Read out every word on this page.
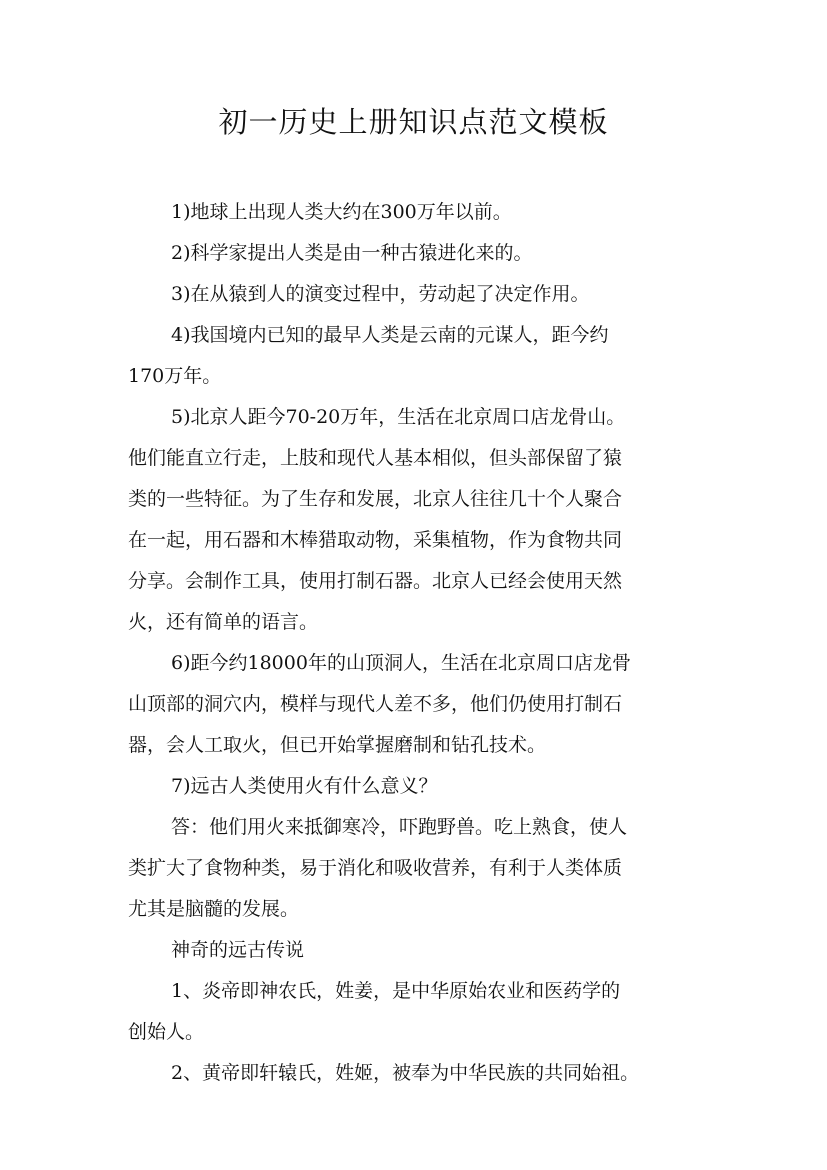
初一历史上册知识点范文模板
1)地球上出现人类大约在300万年以前。
2)科学家提出人类是由一种古猿进化来的。
3)在从猿到人的演变过程中，劳动起了决定作用。
4)我国境内已知的最早人类是云南的元谋人，距今约
170万年。
5)北京人距今70-20万年，生活在北京周口店龙骨山。
他们能直立行走，上肢和现代人基本相似，但头部保留了猿
类的一些特征。为了生存和发展，北京人往往几十个人聚合
在一起，用石器和木棒猎取动物，采集植物，作为食物共同
分享。会制作工具，使用打制石器。北京人已经会使用天然
火，还有简单的语言。
6)距今约18000年的山顶洞人，生活在北京周口店龙骨
山顶部的洞穴内，模样与现代人差不多，他们仍使用打制石
器，会人工取火，但已开始掌握磨制和钻孔技术。
7)远古人类使用火有什么意义？
答：他们用火来抵御寒冷，吓跑野兽。吃上熟食，使人
类扩大了食物种类，易于消化和吸收营养，有利于人类体质
尤其是脑髓的发展。
神奇的远古传说
1、炎帝即神农氏，姓姜，是中华原始农业和医药学的
创始人。
2、黄帝即轩辕氏，姓姬，被奉为中华民族的共同始祖。
